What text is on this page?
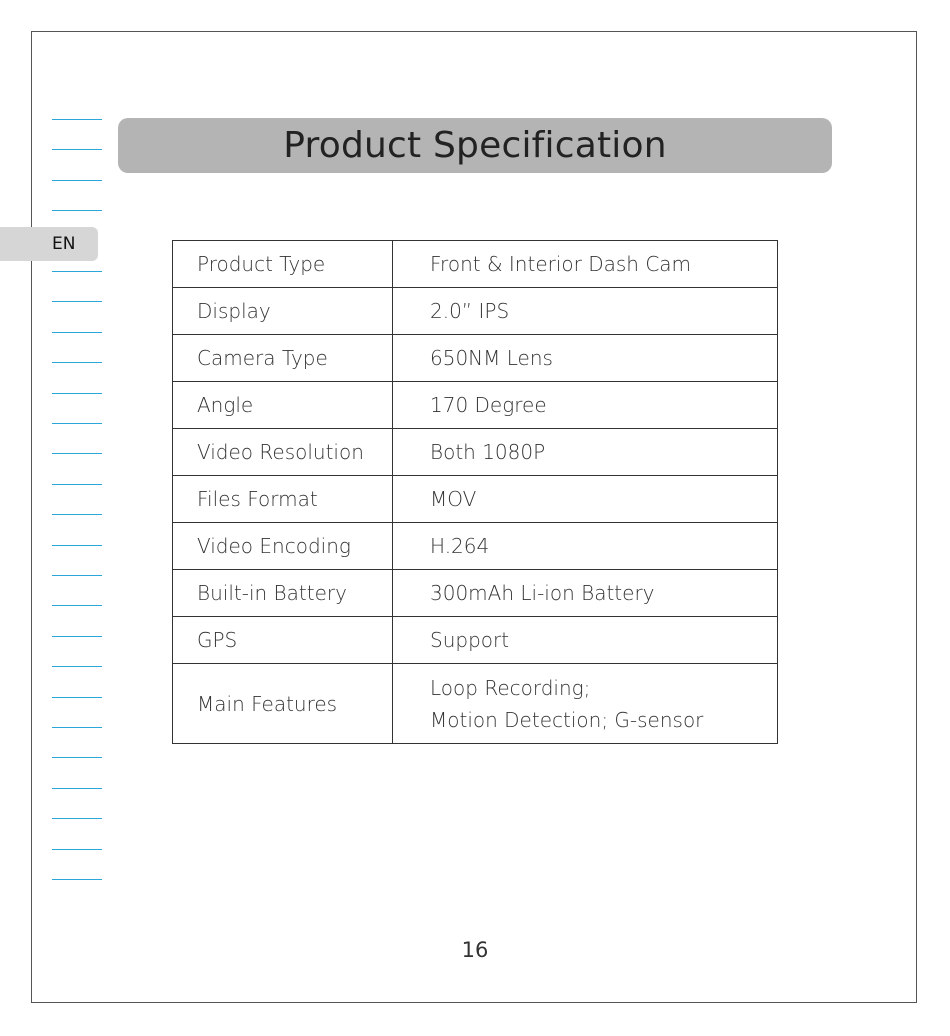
EN
Product Specification
Product Type	Front & Interior Dash Cam

Display	2.0” IPS

Camera Type	650NM Lens

Angle	170 Degree

Video Resolution	Both 1080P

Files Format	MOV

Video Encoding	H.264

Built-in Battery	300mAh Li-ion Battery

GPS	Support

Main Features	Loop Recording;
Motion Detection; G-sensor
16
